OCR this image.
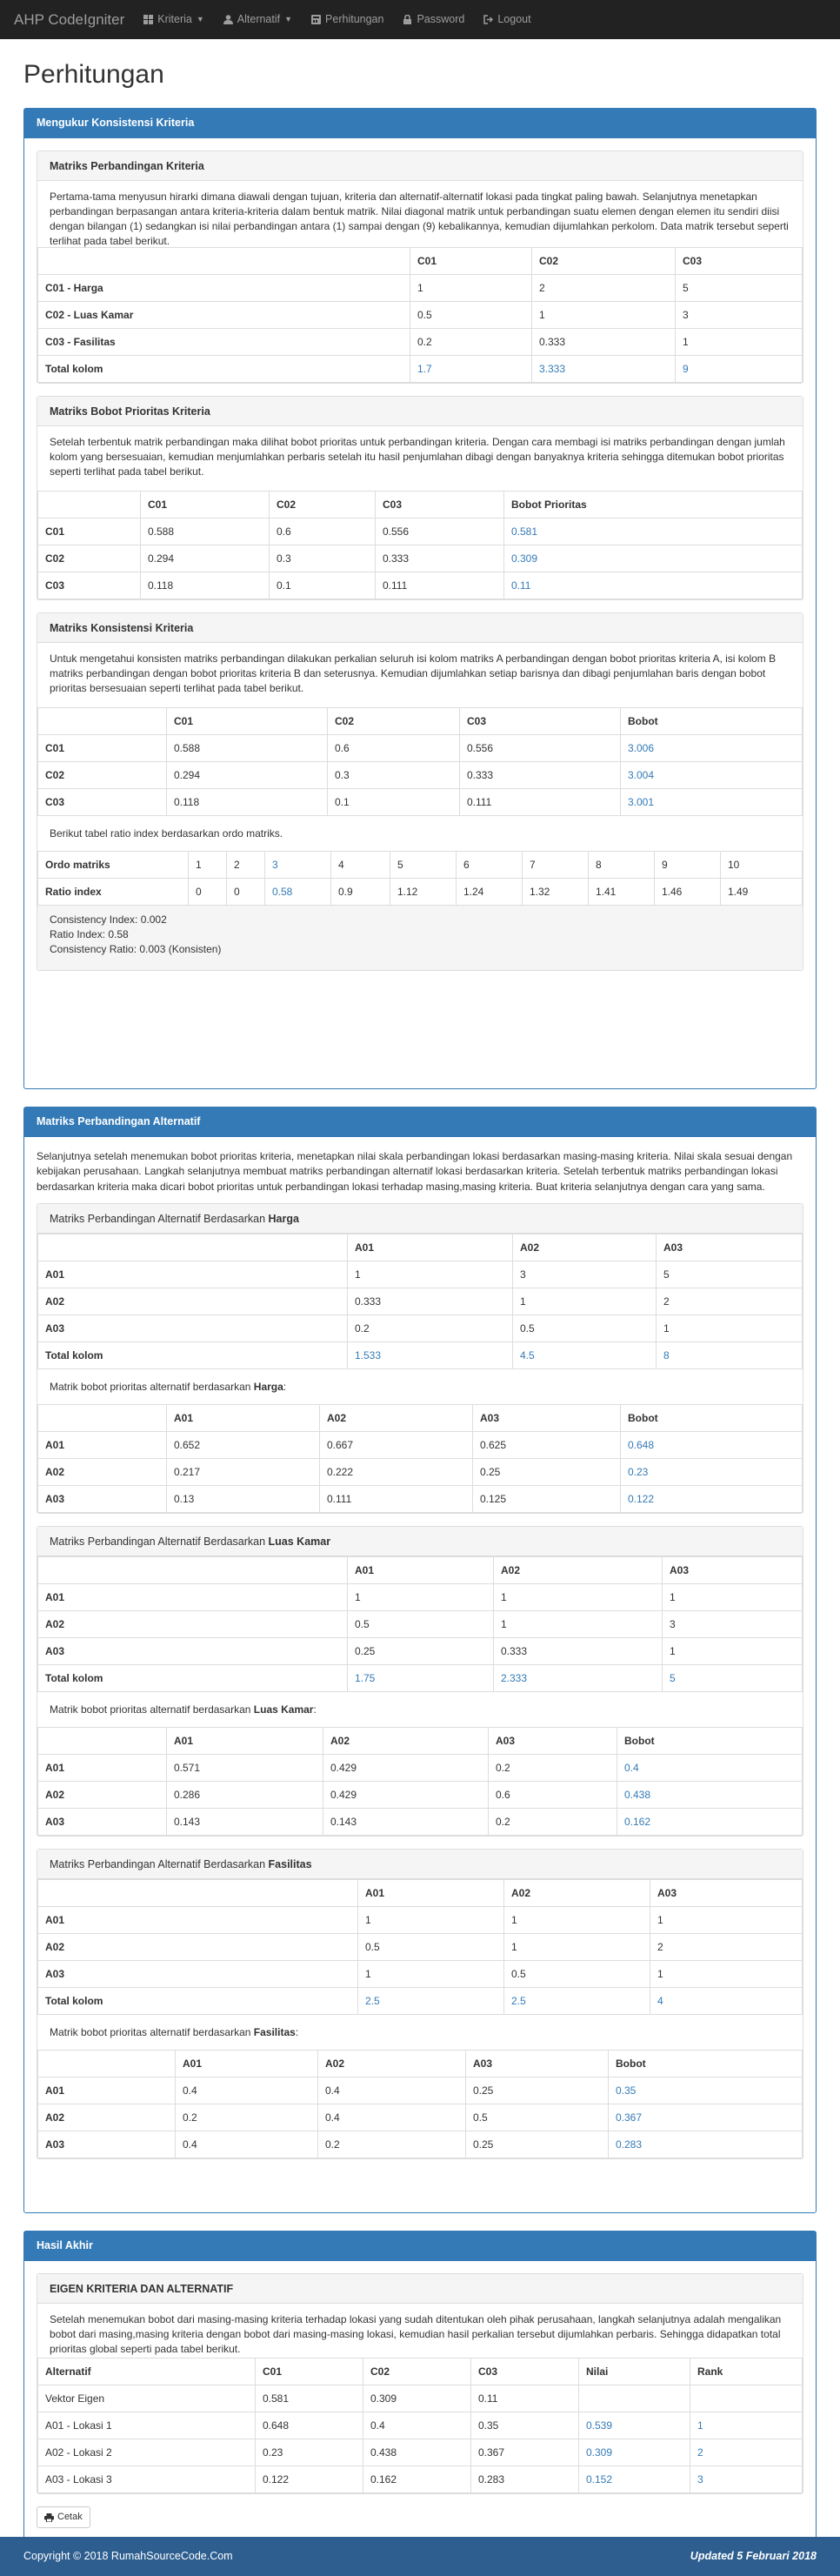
AHP CodeIgniter	Kriteria ▼	Alternatif ▼	Perhitungan	Password	Logout
Perhitungan
Mengukur Konsistensi Kriteria
Matriks Perbandingan Kriteria
Pertama-tama menyusun hirarki dimana diawali dengan tujuan, kriteria dan alternatif-alternatif lokasi pada tingkat paling bawah. Selanjutnya menetapkan perbandingan berpasangan antara kriteria-kriteria dalam bentuk matrik. Nilai diagonal matrik untuk perbandingan suatu elemen dengan elemen itu sendiri diisi dengan bilangan (1) sedangkan isi nilai perbandingan antara (1) sampai dengan (9) kebalikannya, kemudian dijumlahkan perkolom. Data matrik tersebut seperti terlihat pada tabel berikut.
	C01	C02	C03
C01 - Harga	1	2	5
C02 - Luas Kamar	0.5	1	3
C03 - Fasilitas	0.2	0.333	1
Total kolom	1.7	3.333	9
Matriks Bobot Prioritas Kriteria
Setelah terbentuk matrik perbandingan maka dilihat bobot prioritas untuk perbandingan kriteria. Dengan cara membagi isi matriks perbandingan dengan jumlah kolom yang bersesuaian, kemudian menjumlahkan perbaris setelah itu hasil penjumlahan dibagi dengan banyaknya kriteria sehingga ditemukan bobot prioritas seperti terlihat pada tabel berikut.
	C01	C02	C03	Bobot Prioritas
C01	0.588	0.6	0.556	0.581
C02	0.294	0.3	0.333	0.309
C03	0.118	0.1	0.111	0.11
Matriks Konsistensi Kriteria
Untuk mengetahui konsisten matriks perbandingan dilakukan perkalian seluruh isi kolom matriks A perbandingan dengan bobot prioritas kriteria A, isi kolom B matriks perbandingan dengan bobot prioritas kriteria B dan seterusnya. Kemudian dijumlahkan setiap barisnya dan dibagi penjumlahan baris dengan bobot prioritas bersesuaian seperti terlihat pada tabel berikut.
	C01	C02	C03	Bobot
C01	0.588	0.6	0.556	3.006
C02	0.294	0.3	0.333	3.004
C03	0.118	0.1	0.111	3.001
Berikut tabel ratio index berdasarkan ordo matriks.
Ordo matriks	1	2	3	4	5	6	7	8	9	10
Ratio index	0	0	0.58	0.9	1.12	1.24	1.32	1.41	1.46	1.49
Consistency Index: 0.002
Ratio Index: 0.58
Consistency Ratio: 0.003 (Konsisten)
Matriks Perbandingan Alternatif
Selanjutnya setelah menemukan bobot prioritas kriteria, menetapkan nilai skala perbandingan lokasi berdasarkan masing-masing kriteria. Nilai skala sesuai dengan kebijakan perusahaan. Langkah selanjutnya membuat matriks perbandingan alternatif lokasi berdasarkan kriteria. Setelah terbentuk matriks perbandingan lokasi berdasarkan kriteria maka dicari bobot prioritas untuk perbandingan lokasi terhadap masing,masing kriteria. Buat kriteria selanjutnya dengan cara yang sama.
Matriks Perbandingan Alternatif Berdasarkan Harga
	A01	A02	A03
A01	1	3	5
A02	0.333	1	2
A03	0.2	0.5	1
Total kolom	1.533	4.5	8
Matrik bobot prioritas alternatif berdasarkan Harga:
	A01	A02	A03	Bobot
A01	0.652	0.667	0.625	0.648
A02	0.217	0.222	0.25	0.23
A03	0.13	0.111	0.125	0.122
Matriks Perbandingan Alternatif Berdasarkan Luas Kamar
	A01	A02	A03
A01	1	1	1
A02	0.5	1	3
A03	0.25	0.333	1
Total kolom	1.75	2.333	5
Matrik bobot prioritas alternatif berdasarkan Luas Kamar:
	A01	A02	A03	Bobot
A01	0.571	0.429	0.2	0.4
A02	0.286	0.429	0.6	0.438
A03	0.143	0.143	0.2	0.162
Matriks Perbandingan Alternatif Berdasarkan Fasilitas
	A01	A02	A03
A01	1	1	1
A02	0.5	1	2
A03	1	0.5	1
Total kolom	2.5	2.5	4
Matrik bobot prioritas alternatif berdasarkan Fasilitas:
	A01	A02	A03	Bobot
A01	0.4	0.4	0.25	0.35
A02	0.2	0.4	0.5	0.367
A03	0.4	0.2	0.25	0.283
Hasil Akhir
EIGEN KRITERIA DAN ALTERNATIF
Setelah menemukan bobot dari masing-masing kriteria terhadap lokasi yang sudah ditentukan oleh pihak perusahaan, langkah selanjutnya adalah mengalikan bobot dari masing,masing kriteria dengan bobot dari masing-masing lokasi, kemudian hasil perkalian tersebut dijumlahkan perbaris. Sehingga didapatkan total prioritas global seperti pada tabel berikut.
Alternatif	C01	C02	C03	Nilai	Rank
Vektor Eigen	0.581	0.309	0.11		
A01 - Lokasi 1	0.648	0.4	0.35	0.539	1
A02 - Lokasi 2	0.23	0.438	0.367	0.309	2
A03 - Lokasi 3	0.122	0.162	0.283	0.152	3
Cetak
Copyright © 2018 RumahSourceCode.Com	Updated 5 Februari 2018
